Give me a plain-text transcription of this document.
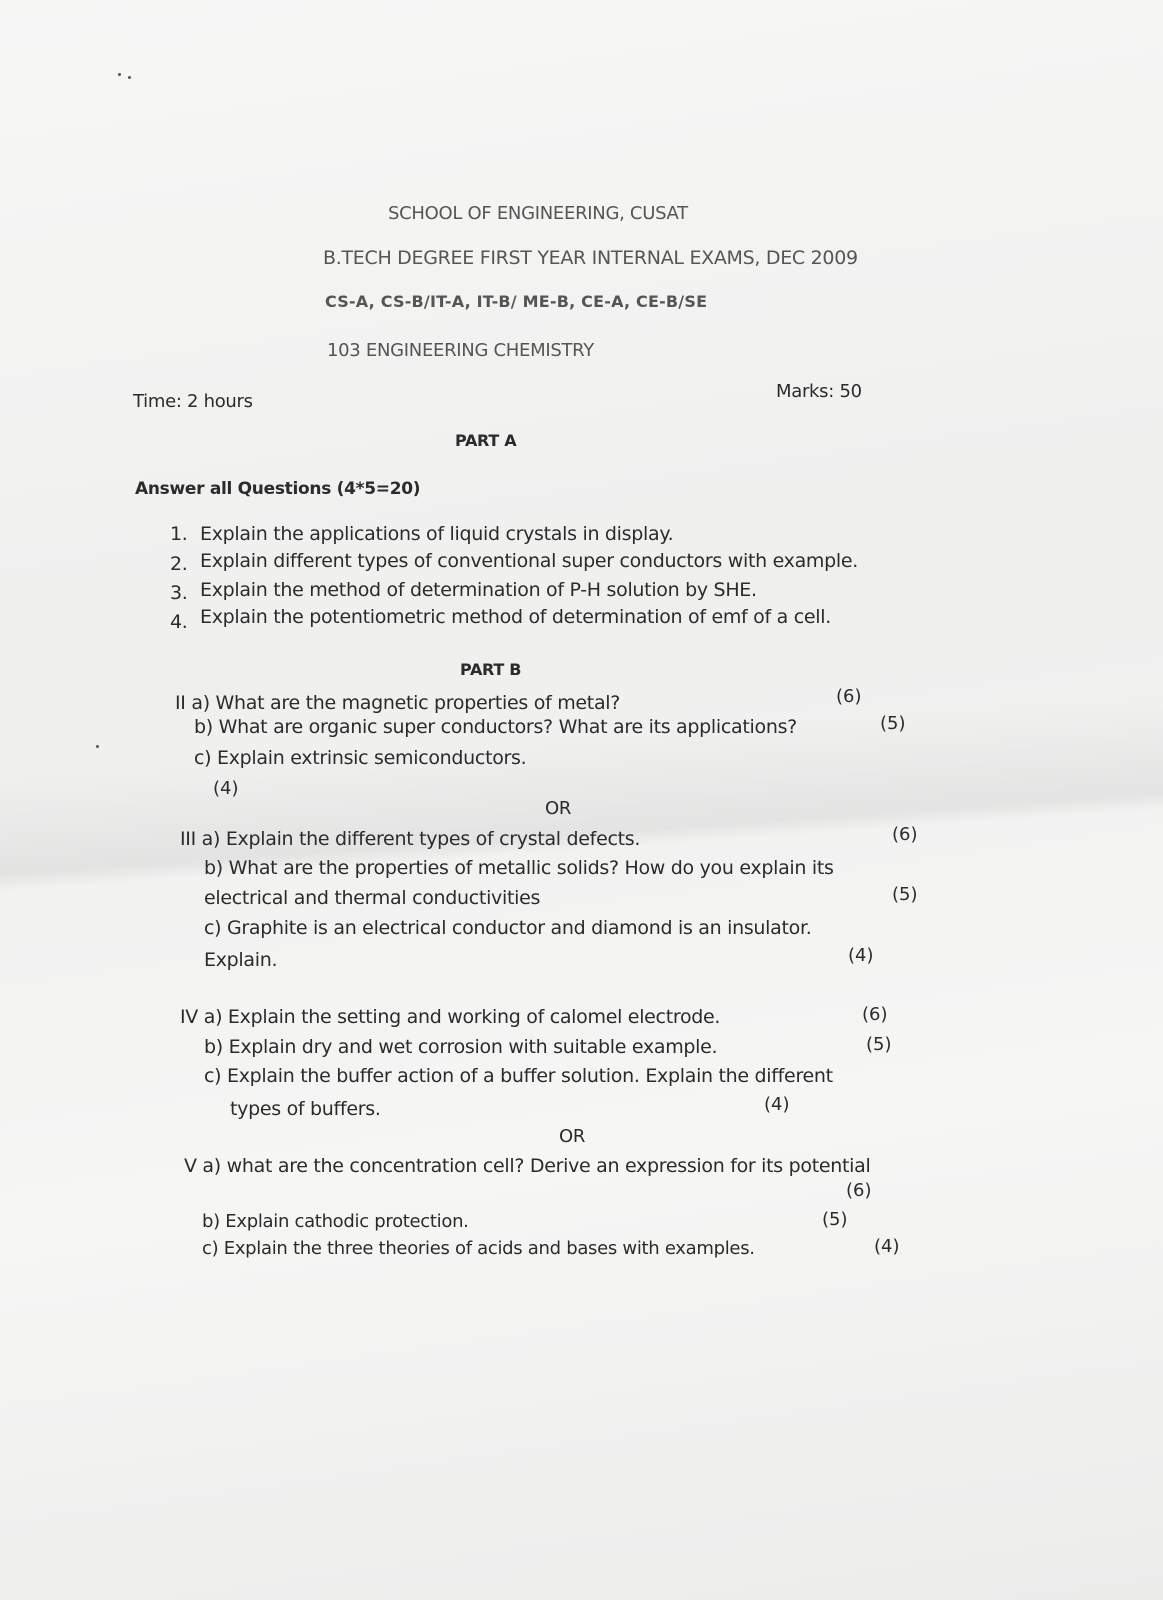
SCHOOL OF ENGINEERING, CUSAT
B.TECH DEGREE FIRST YEAR INTERNAL EXAMS, DEC 2009
CS-A, CS-B/IT-A, IT-B/ ME-B, CE-A, CE-B/SE
103 ENGINEERING CHEMISTRY
Time: 2 hours	Marks: 50
PART A
Answer all Questions (4*5=20)
1. Explain the applications of liquid crystals in display.
2. Explain different types of conventional super conductors with example.
3. Explain the method of determination of P-H solution by SHE.
4. Explain the potentiometric method of determination of emf of a cell.
PART B
II a) What are the magnetic properties of metal?	(6)
b) What are organic super conductors? What are its applications?	(5)
c) Explain extrinsic semiconductors.
(4)
OR
III a) Explain the different types of crystal defects.	(6)
b) What are the properties of metallic solids? How do you explain its
electrical and thermal conductivities	(5)
c) Graphite is an electrical conductor and diamond is an insulator.
Explain.	(4)
IV a) Explain the setting and working of calomel electrode.	(6)
b) Explain dry and wet corrosion with suitable example.	(5)
c) Explain the buffer action of a buffer solution. Explain the different
types of buffers.	(4)
OR
V a) what are the concentration cell? Derive an expression for its potential
(6)
b) Explain cathodic protection.	(5)
c) Explain the three theories of acids and bases with examples.	(4)
